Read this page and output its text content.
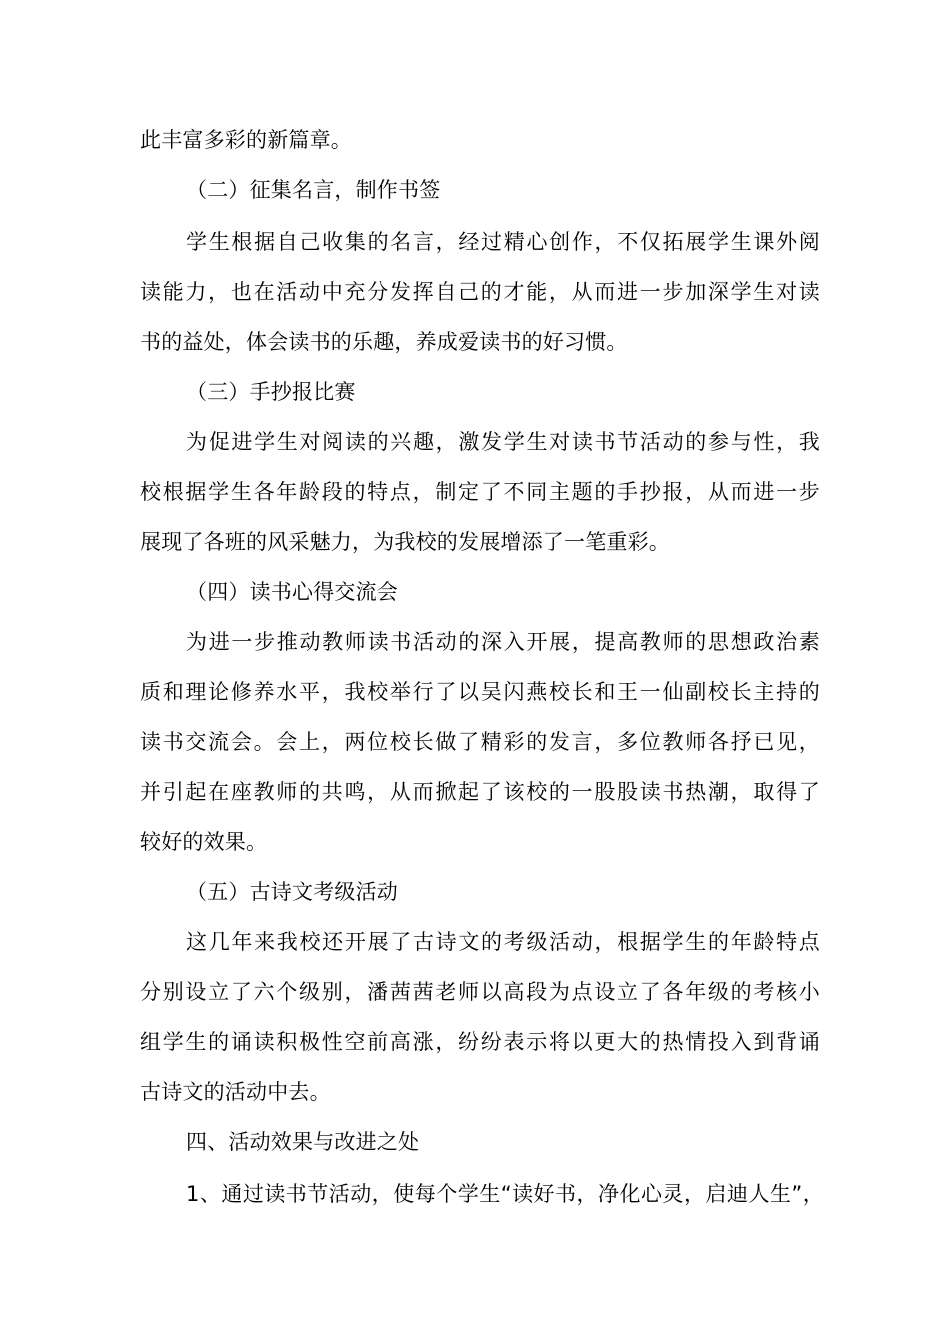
此丰富多彩的新篇章。
（二）征集名言，制作书签
学生根据自己收集的名言，经过精心创作，不仅拓展学生课外阅
读能力，也在活动中充分发挥自己的才能，从而进一步加深学生对读
书的益处，体会读书的乐趣，养成爱读书的好习惯。
（三）手抄报比赛
为促进学生对阅读的兴趣，激发学生对读书节活动的参与性，我
校根据学生各年龄段的特点，制定了不同主题的手抄报，从而进一步
展现了各班的风采魅力，为我校的发展增添了一笔重彩。
（四）读书心得交流会
为进一步推动教师读书活动的深入开展，提高教师的思想政治素
质和理论修养水平，我校举行了以吴闪燕校长和王一仙副校长主持的
读书交流会。会上，两位校长做了精彩的发言，多位教师各抒已见，
并引起在座教师的共鸣，从而掀起了该校的一股股读书热潮，取得了
较好的效果。
（五）古诗文考级活动
这几年来我校还开展了古诗文的考级活动，根据学生的年龄特点
分别设立了六个级别，潘茜茜老师以高段为点设立了各年级的考核小
组学生的诵读积极性空前高涨，纷纷表示将以更大的热情投入到背诵
古诗文的活动中去。
四、活动效果与改进之处
1、通过读书节活动，使每个学生“读好书，净化心灵，启迪人生”，
